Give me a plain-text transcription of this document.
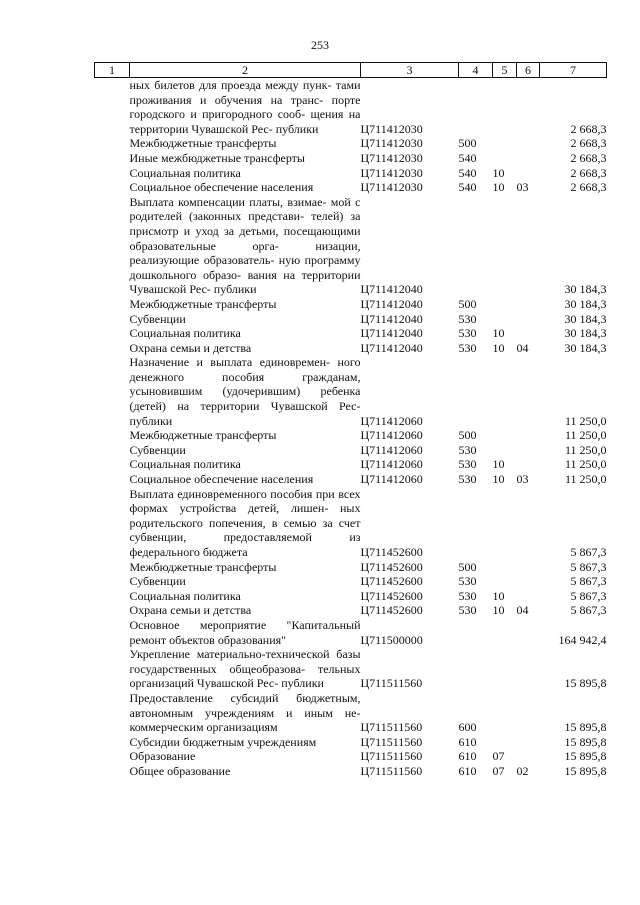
253
1	2	3	4	5	6	7
	ных билетов для проезда между пунк- тами проживания и обучения на транс- порте городского и пригородного сооб- щения на территории Чувашской Рес- публики	Ц711412030				2 668,3
	Межбюджетные трансферты	Ц711412030	500			2 668,3
	Иные межбюджетные трансферты	Ц711412030	540			2 668,3
	Социальная политика	Ц711412030	540	10		2 668,3
	Социальное обеспечение населения	Ц711412030	540	10	03	2 668,3
	Выплата компенсации платы, взимае- мой с родителей (законных представи- телей) за присмотр и уход за детьми, посещающими образовательные орга- низации, реализующие образователь- ную программу дошкольного образо- вания на территории Чувашской Рес- публики	Ц711412040				30 184,3
	Межбюджетные трансферты	Ц711412040	500			30 184,3
	Субвенции	Ц711412040	530			30 184,3
	Социальная политика	Ц711412040	530	10		30 184,3
	Охрана семьи и детства	Ц711412040	530	10	04	30 184,3
	Назначение и выплата единовремен- ного денежного пособия гражданам, усыновившим (удочерившим) ребенка (детей) на территории Чувашской Рес- публики	Ц711412060				11 250,0
	Межбюджетные трансферты	Ц711412060	500			11 250,0
	Субвенции	Ц711412060	530			11 250,0
	Социальная политика	Ц711412060	530	10		11 250,0
	Социальное обеспечение населения	Ц711412060	530	10	03	11 250,0
	Выплата единовременного пособия при всех формах устройства детей, лишен- ных родительского попечения, в семью за счет субвенции, предоставляемой из федерального бюджета	Ц711452600				5 867,3
	Межбюджетные трансферты	Ц711452600	500			5 867,3
	Субвенции	Ц711452600	530			5 867,3
	Социальная политика	Ц711452600	530	10		5 867,3
	Охрана семьи и детства	Ц711452600	530	10	04	5 867,3
	Основное мероприятие "Капитальный ремонт объектов образования"	Ц711500000				164 942,4
	Укрепление материально-технической базы государственных общеобразова- тельных организаций Чувашской Рес- публики	Ц711511560				15 895,8
	Предоставление субсидий бюджетным, автономным учреждениям и иным не- коммерческим организациям	Ц711511560	600			15 895,8
	Субсидии бюджетным учреждениям	Ц711511560	610			15 895,8
	Образование	Ц711511560	610	07		15 895,8
	Общее образование	Ц711511560	610	07	02	15 895,8
